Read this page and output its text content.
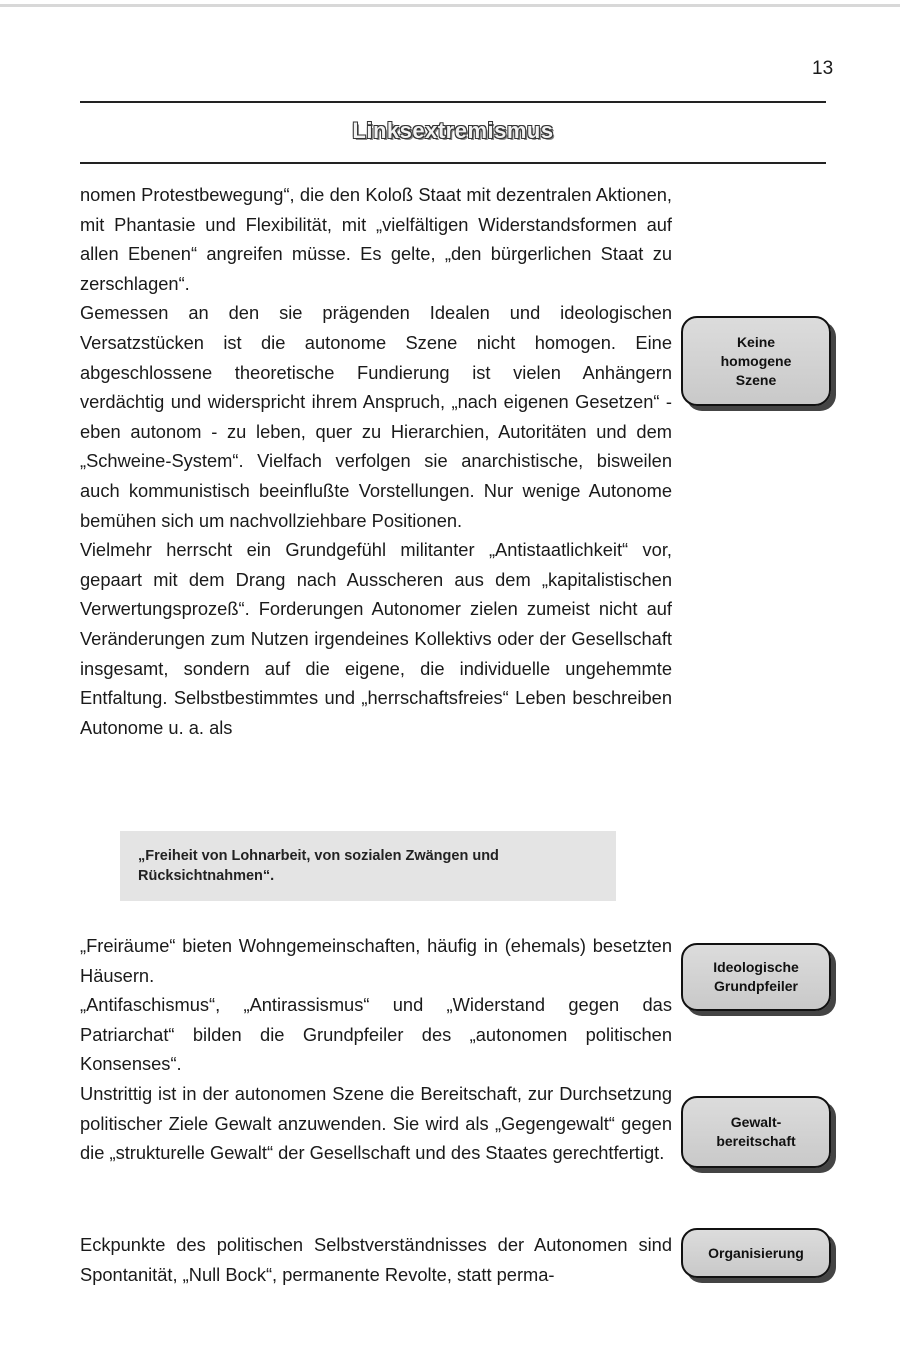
13
Linksextremismus

nomen Protestbewegung“, die den Koloß Staat mit dezentralen Aktionen, mit Phantasie und Flexibilität, mit „vielfältigen Widerstandsformen auf allen Ebenen“ angreifen müsse. Es gelte, „den bürgerlichen Staat zu zerschlagen“.

Gemessen an den sie prägenden Idealen und ideologischen Versatzstücken ist die autonome Szene nicht homogen. Eine abgeschlossene theoretische Fundierung ist vielen Anhängern verdächtig und widerspricht ihrem Anspruch, „nach eigenen Gesetzen“ - eben autonom - zu leben, quer zu Hierarchien, Autoritäten und dem „Schweine-System“. Vielfach verfolgen sie anarchistische, bisweilen auch kommunistisch beeinflußte Vorstellungen. Nur wenige Autonome bemühen sich um nachvollziehbare Positionen.

Vielmehr herrscht ein Grundgefühl militanter „Antistaatlichkeit“ vor, gepaart mit dem Drang nach Ausscheren aus dem „kapitalistischen Verwertungsprozeß“. Forderungen Autonomer zielen zumeist nicht auf Veränderungen zum Nutzen irgendeines Kollektivs oder der Gesellschaft insgesamt, sondern auf die eigene, die individuelle ungehemmte Entfaltung. Selbstbestimmtes und „herrschaftsfreies“ Leben beschreiben Autonome u. a. als

„Freiheit von Lohnarbeit, von sozialen Zwängen und Rücksichtnahmen“.

„Freiräume“ bieten Wohngemeinschaften, häufig in (ehemals) besetzten Häusern.

„Antifaschismus“, „Antirassismus“ und „Widerstand gegen das Patriarchat“ bilden die Grundpfeiler des „autonomen politischen Konsenses“.

Unstrittig ist in der autonomen Szene die Bereitschaft, zur Durchsetzung politischer Ziele Gewalt anzuwenden. Sie wird als „Gegengewalt“ gegen die „strukturelle Gewalt“ der Gesellschaft und des Staates gerechtfertigt.

Eckpunkte des politischen Selbstverständnisses der Autonomen sind Spontanität, „Null Bock“, permanente Revolte, statt perma-

Keine
homogene
Szene
Ideologische
Grundpfeiler
Gewalt-
bereitschaft
Organisierung
